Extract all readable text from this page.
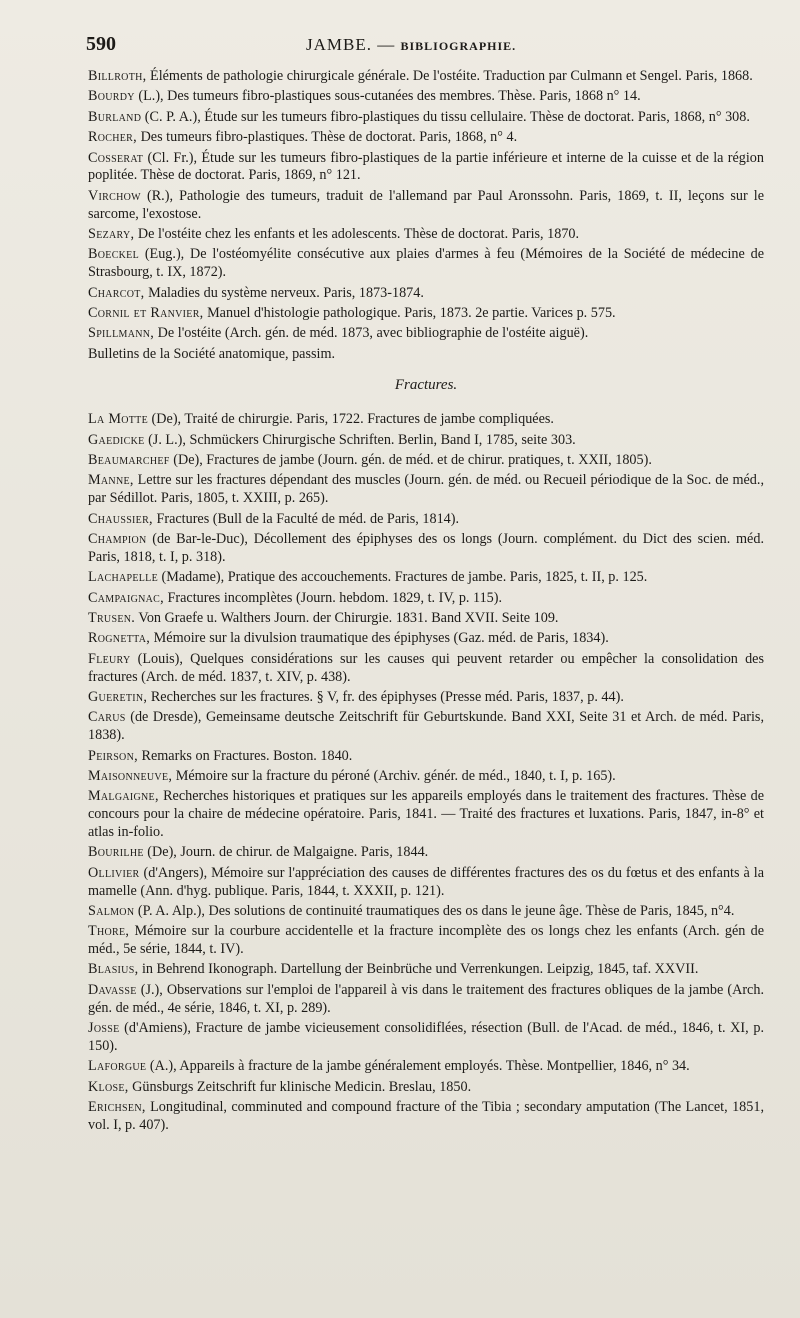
590	JAMBE. — BIBLIOGRAPHIE.
Billroth, Éléments de pathologie chirurgicale générale. De l'ostéite. Traduction par Culmann et Sengel. Paris, 1868.
Bourdy (L.), Des tumeurs fibro-plastiques sous-cutanées des membres. Thèse. Paris, 1868 n° 14.
Burland (C. P. A.), Étude sur les tumeurs fibro-plastiques du tissu cellulaire. Thèse de doctorat. Paris, 1868, n° 308.
Rocher, Des tumeurs fibro-plastiques. Thèse de doctorat. Paris, 1868, n° 4.
Cosserat (Cl. Fr.), Étude sur les tumeurs fibro-plastiques de la partie inférieure et interne de la cuisse et de la région poplitée. Thèse de doctorat. Paris, 1869, n° 121.
Virchow (R.), Pathologie des tumeurs, traduit de l'allemand par Paul Aronssohn. Paris, 1869, t. II, leçons sur le sarcome, l'exostose.
Sezary, De l'ostéite chez les enfants et les adolescents. Thèse de doctorat. Paris, 1870.
Boeckel (Eug.), De l'ostéomyélite consécutive aux plaies d'armes à feu (Mémoires de la Société de médecine de Strasbourg, t. IX, 1872).
Charcot, Maladies du système nerveux. Paris, 1873-1874.
Cornil et Ranvier, Manuel d'histologie pathologique. Paris, 1873. 2e partie. Varices p. 575.
Spillmann, De l'ostéite (Arch. gén. de méd. 1873, avec bibliographie de l'ostéite aiguë).
Bulletins de la Société anatomique, passim.
Fractures.
La Motte (De), Traité de chirurgie. Paris, 1722. Fractures de jambe compliquées.
Gaedicke (J. L.), Schmückers Chirurgische Schriften. Berlin, Band I, 1785, seite 303.
Beaumarchef (De), Fractures de jambe (Journ. gén. de méd. et de chirur. pratiques, t. XXII, 1805).
Manne, Lettre sur les fractures dépendant des muscles (Journ. gén. de méd. ou Recueil périodique de la Soc. de méd., par Sédillot. Paris, 1805, t. XXIII, p. 265).
Chaussier, Fractures (Bull de la Faculté de méd. de Paris, 1814).
Champion (de Bar-le-Duc), Décollement des épiphyses des os longs (Journ. complément. du Dict des scien. méd. Paris, 1818, t. I, p. 318).
Lachapelle (Madame), Pratique des accouchements. Fractures de jambe. Paris, 1825, t. II, p. 125.
Campaignac, Fractures incomplètes (Journ. hebdom. 1829, t. IV, p. 115).
Trusen. Von Graefe u. Walthers Journ. der Chirurgie. 1831. Band XVII. Seite 109.
Rognetta, Mémoire sur la divulsion traumatique des épiphyses (Gaz. méd. de Paris, 1834).
Fleury (Louis), Quelques considérations sur les causes qui peuvent retarder ou empêcher la consolidation des fractures (Arch. de méd. 1837, t. XIV, p. 438).
Gueretin, Recherches sur les fractures. § V, fr. des épiphyses (Presse méd. Paris, 1837, p. 44).
Carus (de Dresde), Gemeinsame deutsche Zeitschrift für Geburtskunde. Band XXI, Seite 31 et Arch. de méd. Paris, 1838).
Peirson, Remarks on Fractures. Boston. 1840.
Maisonneuve, Mémoire sur la fracture du péroné (Archiv. génér. de méd., 1840, t. I, p. 165).
Malgaigne, Recherches historiques et pratiques sur les appareils employés dans le traitement des fractures. Thèse de concours pour la chaire de médecine opératoire. Paris, 1841. — Traité des fractures et luxations. Paris, 1847, in-8° et atlas in-folio.
Bourilhe (De), Journ. de chirur. de Malgaigne. Paris, 1844.
Ollivier (d'Angers), Mémoire sur l'appréciation des causes de différentes fractures des os du fœtus et des enfants à la mamelle (Ann. d'hyg. publique. Paris, 1844, t. XXXII, p. 121).
Salmon (P. A. Alp.), Des solutions de continuité traumatiques des os dans le jeune âge. Thèse de Paris, 1845, n°4.
Thore, Mémoire sur la courbure accidentelle et la fracture incomplète des os longs chez les enfants (Arch. gén de méd., 5e série, 1844, t. IV).
Blasius, in Behrend Ikonograph. Dartellung der Beinbrüche und Verrenkungen. Leipzig, 1845, taf. XXVII.
Davasse (J.), Observations sur l'emploi de l'appareil à vis dans le traitement des fractures obliques de la jambe (Arch. gén. de méd., 4e série, 1846, t. XI, p. 289).
Josse (d'Amiens), Fracture de jambe vicieusement consolidiflées, résection (Bull. de l'Acad. de méd., 1846, t. XI, p. 150).
Laforgue (A.), Appareils à fracture de la jambe généralement employés. Thèse. Montpellier, 1846, n° 34.
Klose, Günsburgs Zeitschrift fur klinische Medicin. Breslau, 1850.
Erichsen, Longitudinal, comminuted and compound fracture of the Tibia ; secondary amputation (The Lancet, 1851, vol. I, p. 407).
